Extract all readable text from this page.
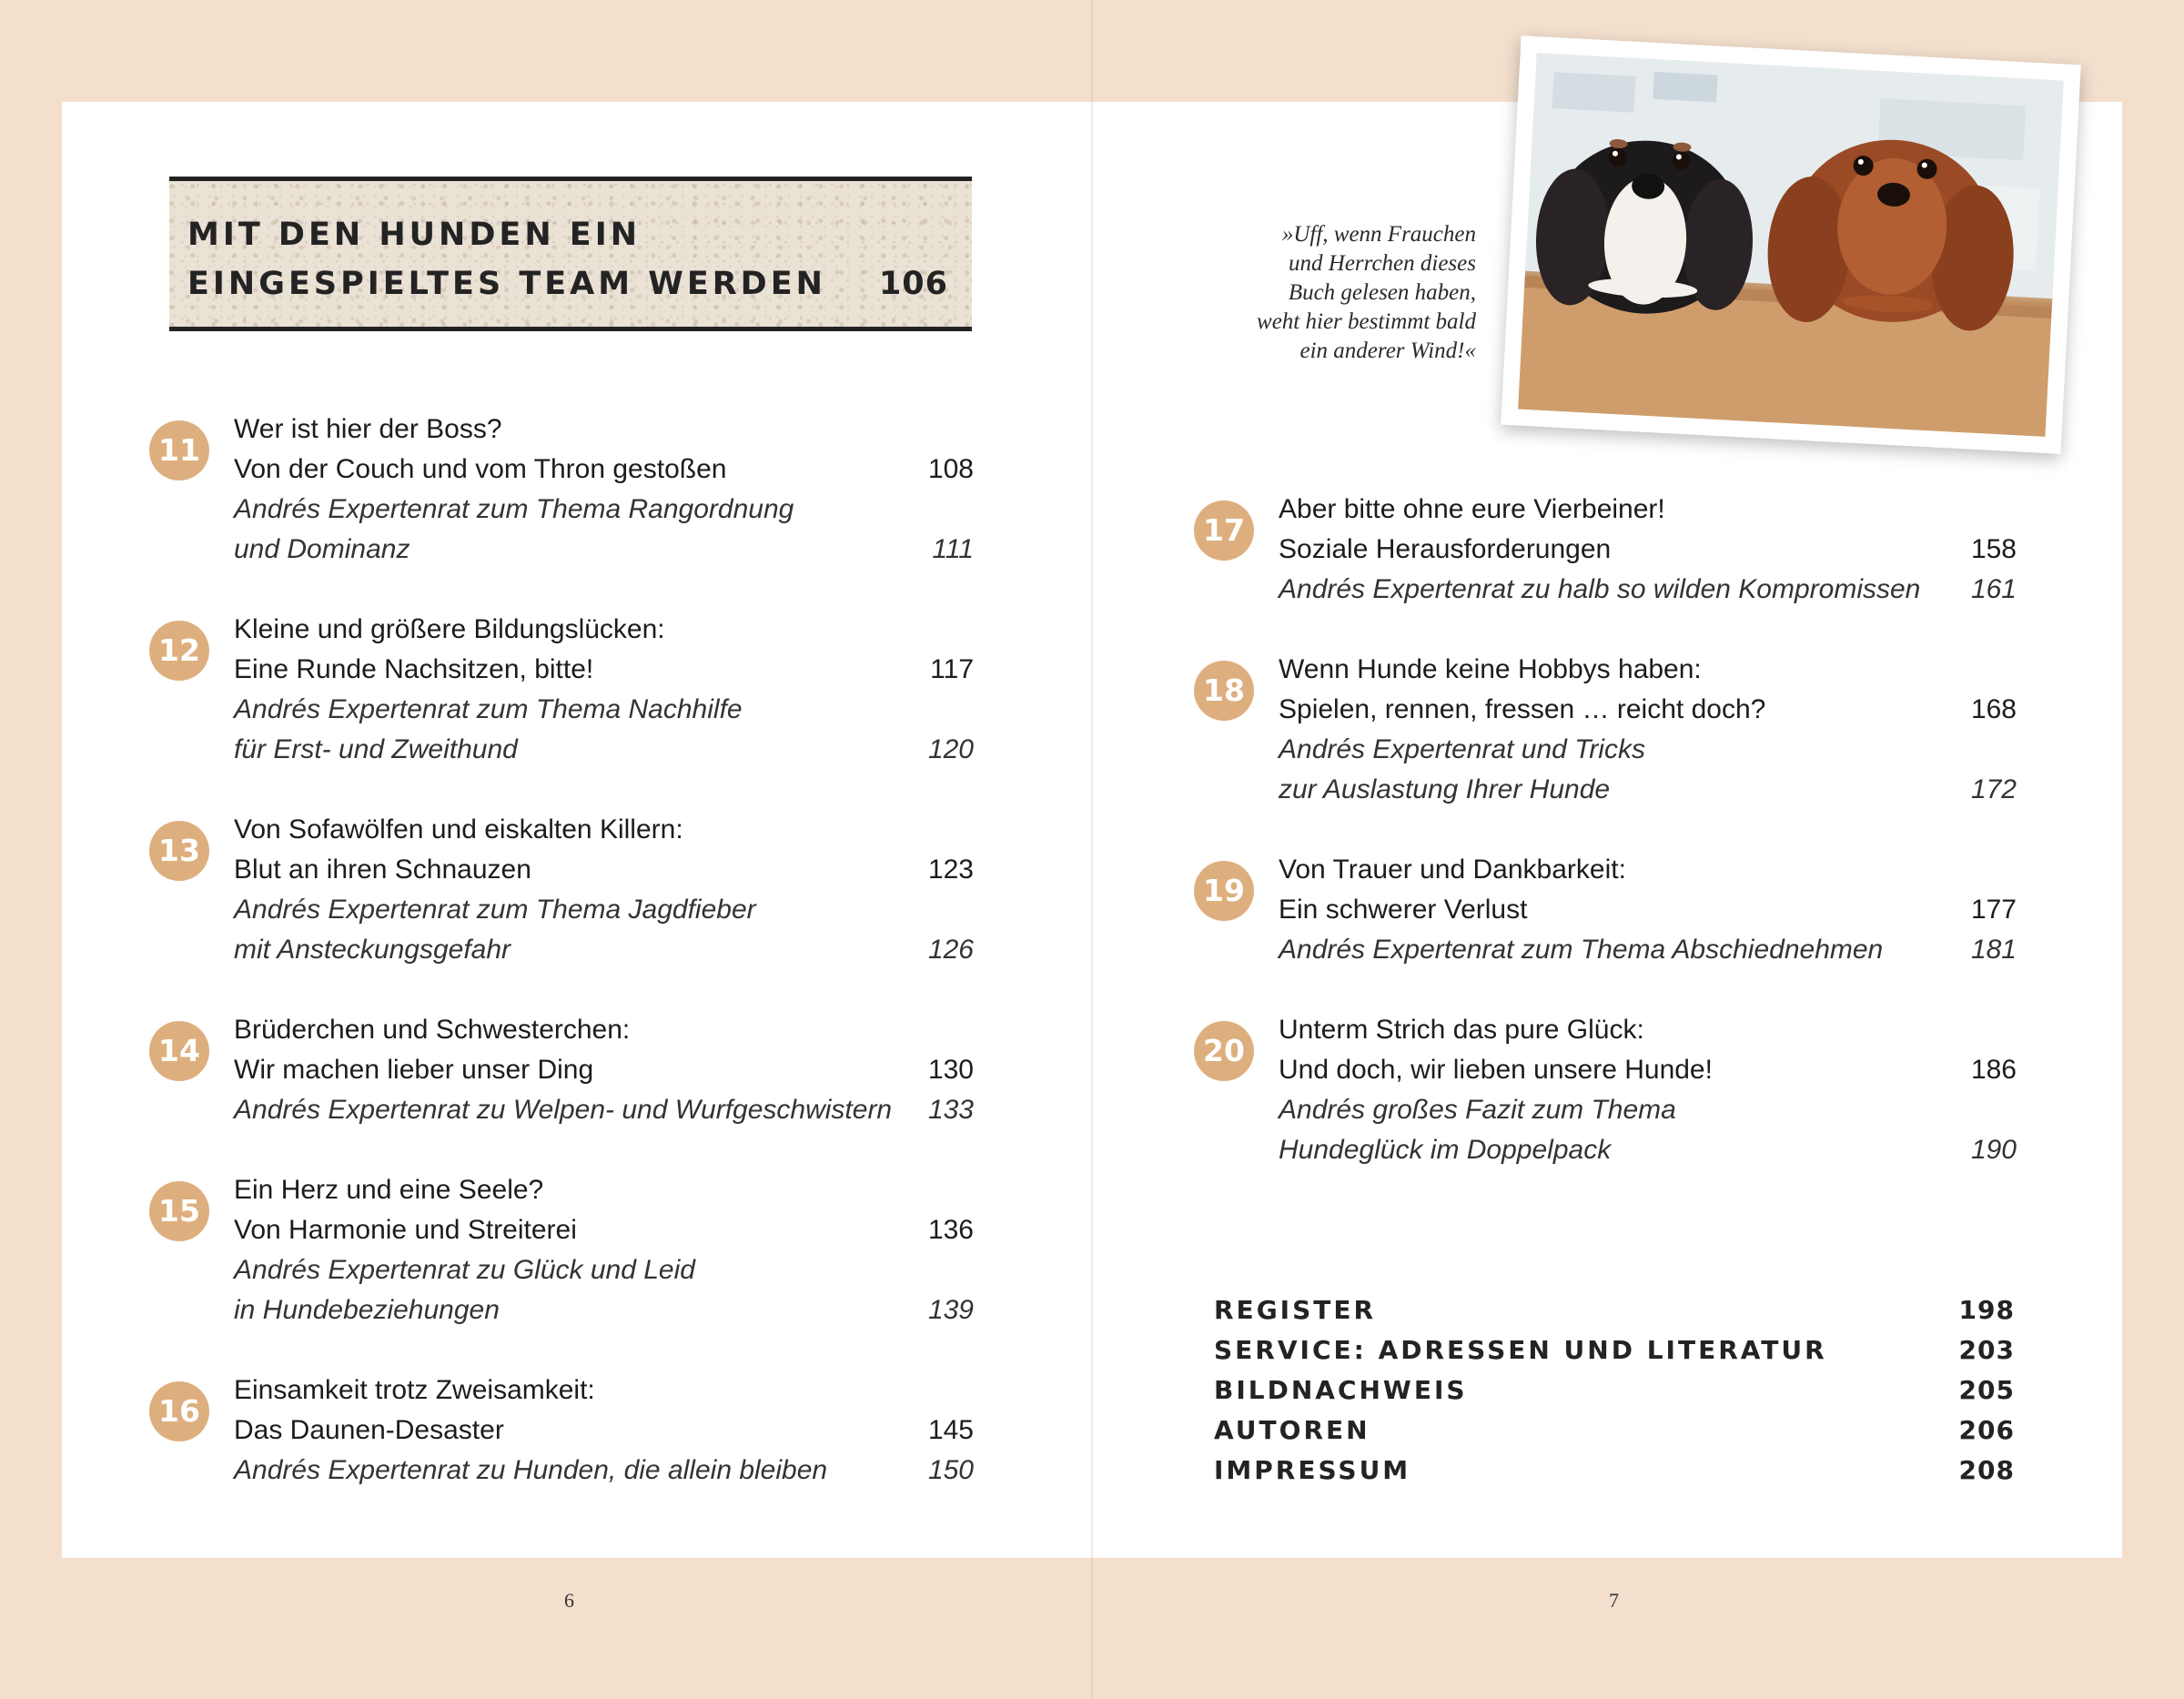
MIT DEN HUNDEN EIN
EINGESPIELTES TEAM WERDEN 106
11
Wer ist hier der Boss?
Von der Couch und vom Thron gestoßen	108
Andrés Expertenrat zum Thema Rangordnung
und Dominanz	111
12
Kleine und größere Bildungslücken:
Eine Runde Nachsitzen, bitte!	117
Andrés Expertenrat zum Thema Nachhilfe
für Erst- und Zweithund	120
13
Von Sofawölfen und eiskalten Killern:
Blut an ihren Schnauzen	123
Andrés Expertenrat zum Thema Jagdfieber
mit Ansteckungsgefahr	126
14
Brüderchen und Schwesterchen:
Wir machen lieber unser Ding	130
Andrés Expertenrat zu Welpen- und Wurfgeschwistern	133
15
Ein Herz und eine Seele?
Von Harmonie und Streiterei	136
Andrés Expertenrat zu Glück und Leid
in Hundebeziehungen	139
16
Einsamkeit trotz Zweisamkeit:
Das Daunen-Desaster	145
Andrés Expertenrat zu Hunden, die allein bleiben	150
»Uff, wenn Frauchen
und Herrchen dieses
Buch gelesen haben,
weht hier bestimmt bald
ein anderer Wind!«
17
Aber bitte ohne eure Vierbeiner!
Soziale Herausforderungen	158
Andrés Expertenrat zu halb so wilden Kompromissen	161
18
Wenn Hunde keine Hobbys haben:
Spielen, rennen, fressen … reicht doch?	168
Andrés Expertenrat und Tricks
zur Auslastung Ihrer Hunde	172
19
Von Trauer und Dankbarkeit:
Ein schwerer Verlust	177
Andrés Expertenrat zum Thema Abschiednehmen	181
20
Unterm Strich das pure Glück:
Und doch, wir lieben unsere Hunde!	186
Andrés großes Fazit zum Thema
Hundeglück im Doppelpack	190
REGISTER	198
SERVICE: ADRESSEN UND LITERATUR	203
BILDNACHWEIS	205
AUTOREN	206
IMPRESSUM	208
6	7
